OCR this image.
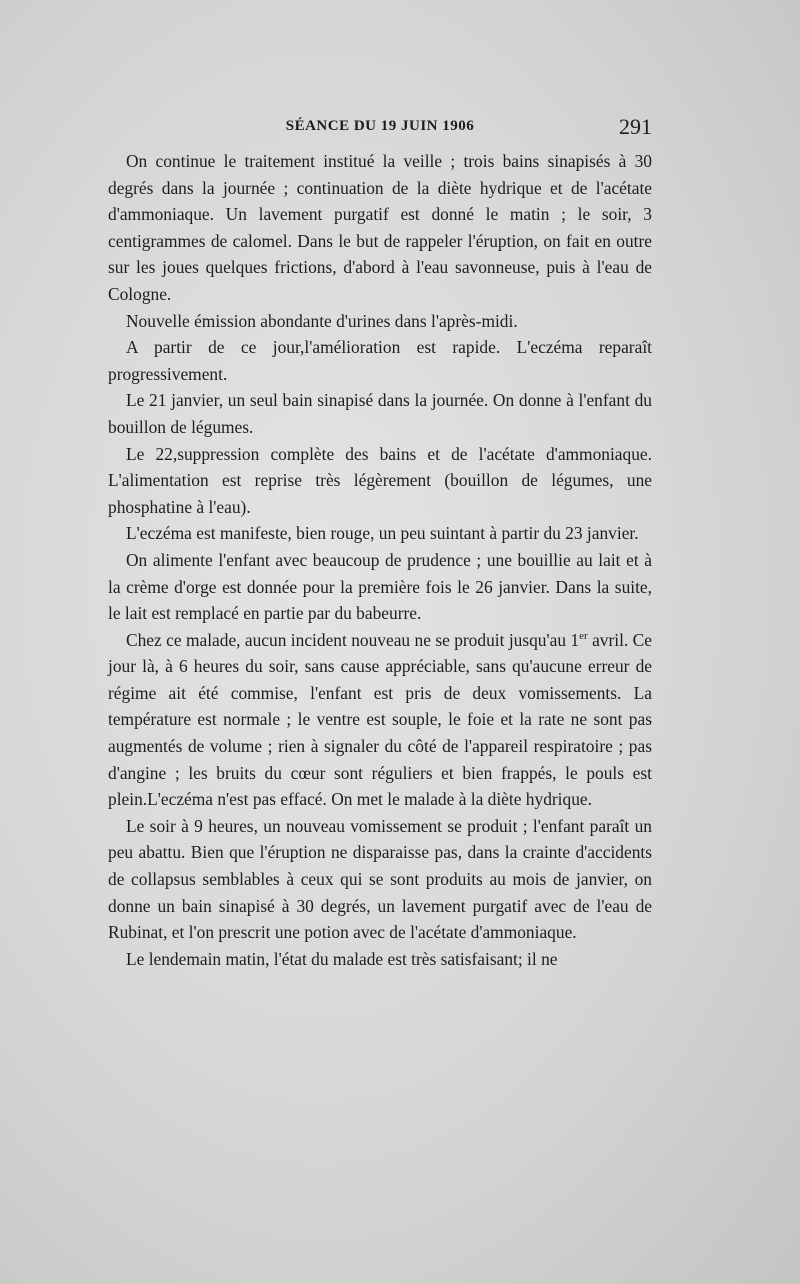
SÉANCE DU 19 JUIN 1906	291

On continue le traitement institué la veille ; trois bains sinapisés à 30 degrés dans la journée ; continuation de la diète hydrique et de l'acétate d'ammoniaque. Un lavement purgatif est donné le matin ; le soir, 3 centigrammes de calomel. Dans le but de rappeler l'éruption, on fait en outre sur les joues quelques frictions, d'abord à l'eau savonneuse, puis à l'eau de Cologne.

Nouvelle émission abondante d'urines dans l'après-midi.

A partir de ce jour,l'amélioration est rapide. L'eczéma reparaît progressivement.

Le 21 janvier, un seul bain sinapisé dans la journée. On donne à l'enfant du bouillon de légumes.

Le 22,suppression complète des bains et de l'acétate d'ammoniaque. L'alimentation est reprise très légèrement (bouillon de légumes, une phosphatine à l'eau).

L'eczéma est manifeste, bien rouge, un peu suintant à partir du 23 janvier.

On alimente l'enfant avec beaucoup de prudence ; une bouillie au lait et à la crème d'orge est donnée pour la première fois le 26 janvier. Dans la suite, le lait est remplacé en partie par du babeurre.

Chez ce malade, aucun incident nouveau ne se produit jusqu'au 1er avril. Ce jour là, à 6 heures du soir, sans cause appréciable, sans qu'aucune erreur de régime ait été commise, l'enfant est pris de deux vomissements. La température est normale ; le ventre est souple, le foie et la rate ne sont pas augmentés de volume ; rien à signaler du côté de l'appareil respiratoire ; pas d'angine ; les bruits du cœur sont réguliers et bien frappés, le pouls est plein.L'eczéma n'est pas effacé. On met le malade à la diète hydrique.

Le soir à 9 heures, un nouveau vomissement se produit ; l'enfant paraît un peu abattu. Bien que l'éruption ne disparaisse pas, dans la crainte d'accidents de collapsus semblables à ceux qui se sont produits au mois de janvier, on donne un bain sinapisé à 30 degrés, un lavement purgatif avec de l'eau de Rubinat, et l'on prescrit une potion avec de l'acétate d'ammoniaque.

Le lendemain matin, l'état du malade est très satisfaisant; il ne
